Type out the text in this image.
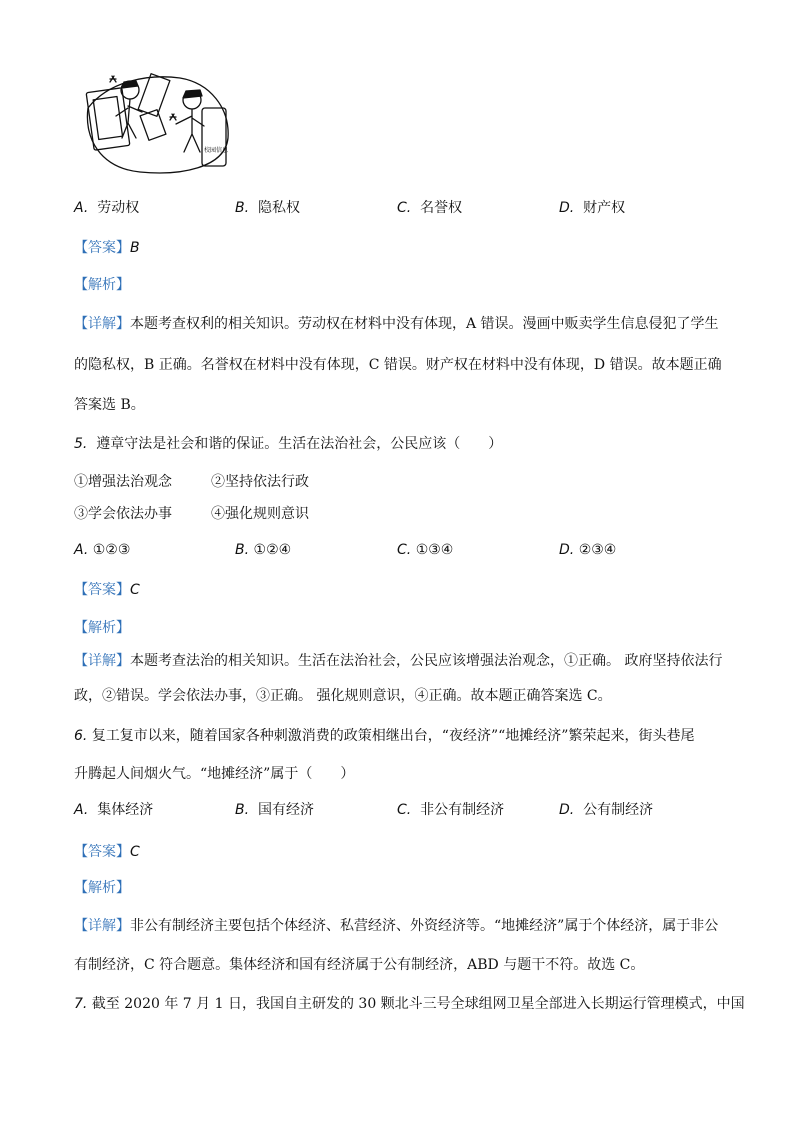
校园信息
A. 劳动权	B. 隐私权	C. 名誉权	D. 财产权
【答案】B
【解析】
【详解】本题考查权利的相关知识。劳动权在材料中没有体现，A 错误。漫画中贩卖学生信息侵犯了学生
的隐私权，B 正确。名誉权在材料中没有体现，C 错误。财产权在材料中没有体现，D 错误。故本题正确
答案选 B。
5. 遵章守法是社会和谐的保证。生活在法治社会，公民应该（　　）
①增强法治观念	②坚持依法行政
③学会依法办事	④强化规则意识
A. ①②③	B. ①②④	C. ①③④	D. ②③④
【答案】C
【解析】
【详解】本题考查法治的相关知识。生活在法治社会，公民应该增强法治观念，①正确。 政府坚持依法行
政，②错误。学会依法办事，③正确。 强化规则意识，④正确。故本题正确答案选 C。
6. 复工复市以来，随着国家各种刺激消费的政策相继出台，“夜经济”“地摊经济”繁荣起来，街头巷尾
升腾起人间烟火气。“地摊经济”属于（　　）
A. 集体经济	B. 国有经济	C. 非公有制经济	D. 公有制经济
【答案】C
【解析】
【详解】非公有制经济主要包括个体经济、私营经济、外资经济等。“地摊经济”属于个体经济，属于非公
有制经济，C 符合题意。集体经济和国有经济属于公有制经济，ABD 与题干不符。故选 C。
7. 截至 2020 年 7 月 1 日，我国自主研发的 30 颗北斗三号全球组网卫星全部进入长期运行管理模式，中国
